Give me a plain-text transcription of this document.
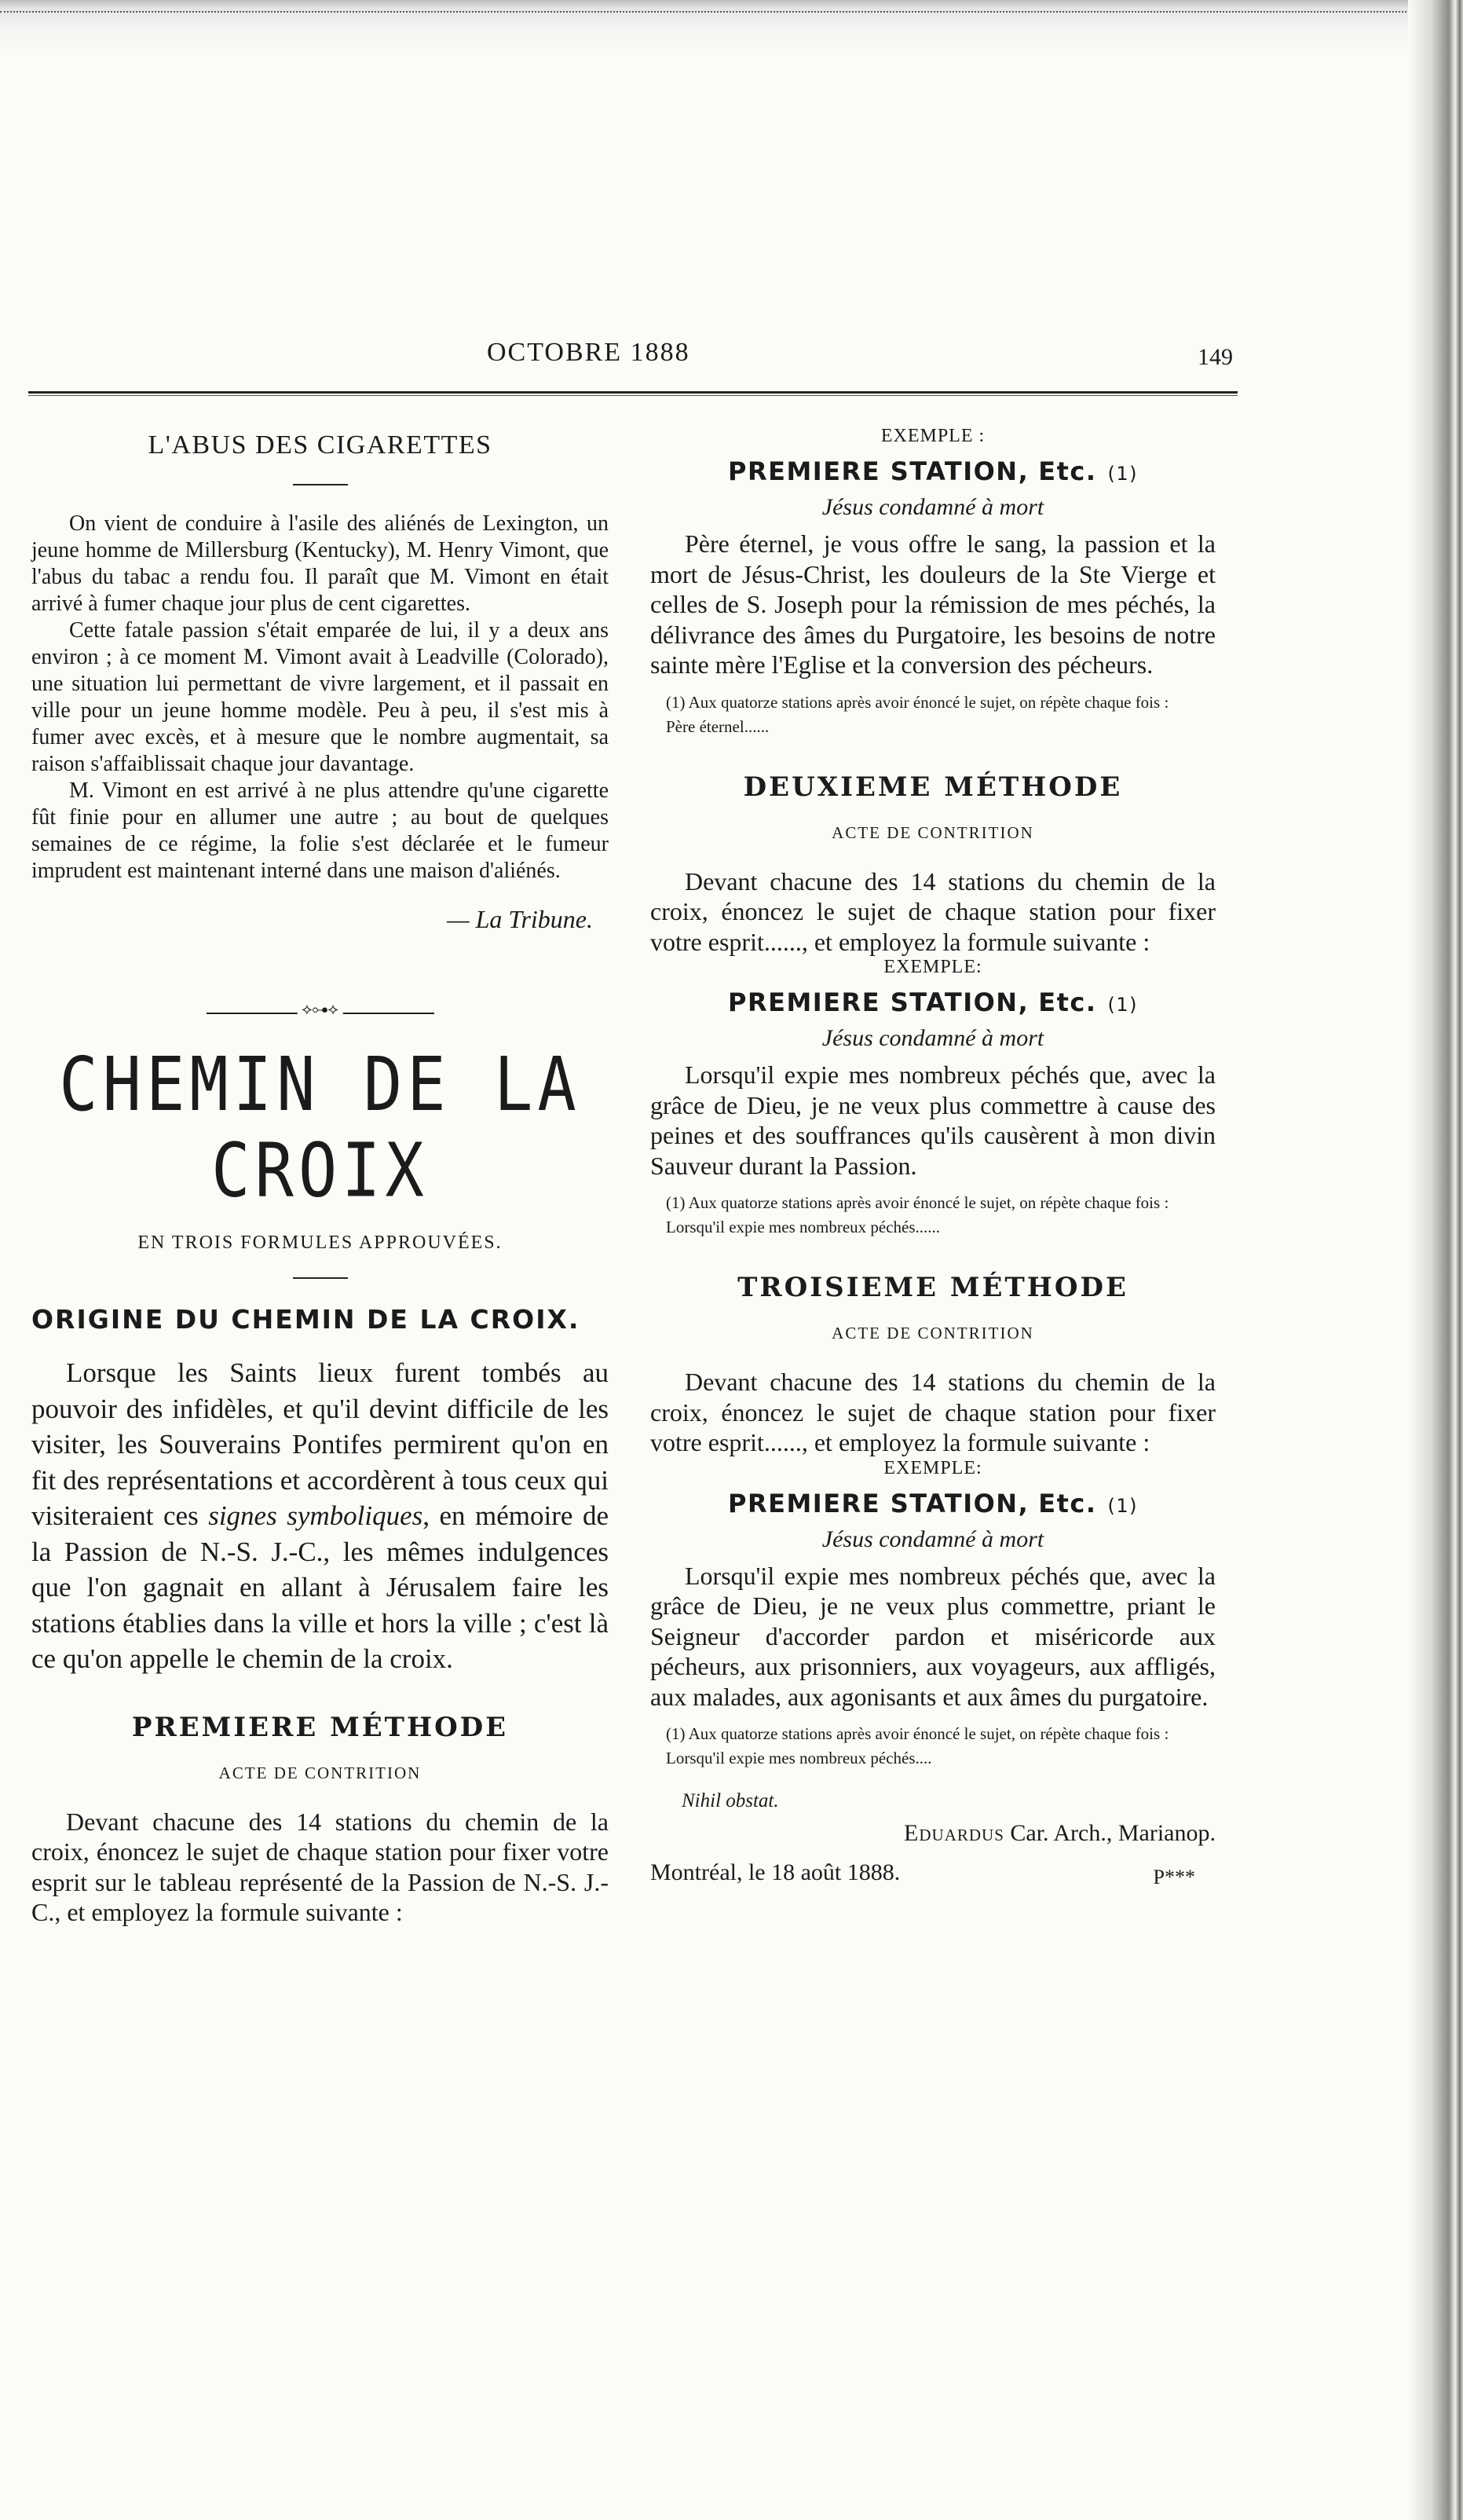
OCTOBRE 1888	149
L'ABUS DES CIGARETTES

On vient de conduire à l'asile des aliénés de Lexington, un jeune homme de Millersburg (Kentucky), M. Henry Vimont, que l'abus du tabac a rendu fou. Il paraît que M. Vimont en était arrivé à fumer chaque jour plus de cent cigarettes.

Cette fatale passion s'était emparée de lui, il y a deux ans environ ; à ce moment M. Vimont avait à Leadville (Colorado), une situation lui permettant de vivre largement, et il passait en ville pour un jeune homme modèle. Peu à peu, il s'est mis à fumer avec excès, et à mesure que le nombre augmentait, sa raison s'affaiblissait chaque jour davantage.

M. Vimont en est arrivé à ne plus attendre qu'une cigarette fût finie pour en allumer une autre ; au bout de quelques semaines de ce régime, la folie s'est déclarée et le fumeur imprudent est maintenant interné dans une maison d'aliénés.

— La Tribune.
⟡⊶⟡
CHEMIN DE LA CROIX
EN TROIS FORMULES APPROUVÉES.
ORIGINE DU CHEMIN DE LA CROIX.

Lorsque les Saints lieux furent tombés au pouvoir des infidèles, et qu'il devint difficile de les visiter, les Souverains Pontifes permirent qu'on en fit des représentations et accordèrent à tous ceux qui visiteraient ces signes symboliques, en mémoire de la Passion de N.-S. J.-C., les mêmes indulgences que l'on gagnait en allant à Jérusalem faire les stations établies dans la ville et hors la ville ; c'est là ce qu'on appelle le chemin de la croix.

PREMIERE MÉTHODE
ACTE DE CONTRITION

Devant chacune des 14 stations du chemin de la croix, énoncez le sujet de chaque station pour fixer votre esprit sur le tableau représenté de la Passion de N.-S. J.-C., et employez la formule suivante :

EXEMPLE :
PREMIERE STATION, Etc. (1)
Jésus condamné à mort

Père éternel, je vous offre le sang, la passion et la mort de Jésus-Christ, les douleurs de la Ste Vierge et celles de S. Joseph pour la rémission de mes péchés, la délivrance des âmes du Purgatoire, les besoins de notre sainte mère l'Eglise et la conversion des pécheurs.

(1) Aux quatorze stations après avoir énoncé le sujet, on répète chaque fois :

Père éternel......

DEUXIEME MÉTHODE
ACTE DE CONTRITION

Devant chacune des 14 stations du chemin de la croix, énoncez le sujet de chaque station pour fixer votre esprit......, et employez la formule suivante :

EXEMPLE:
PREMIERE STATION, Etc. (1)
Jésus condamné à mort

Lorsqu'il expie mes nombreux péchés que, avec la grâce de Dieu, je ne veux plus commettre à cause des peines et des souffrances qu'ils causèrent à mon divin Sauveur durant la Passion.

(1) Aux quatorze stations après avoir énoncé le sujet, on répète chaque fois :

Lorsqu'il expie mes nombreux péchés......

TROISIEME MÉTHODE
ACTE DE CONTRITION

Devant chacune des 14 stations du chemin de la croix, énoncez le sujet de chaque station pour fixer votre esprit......, et employez la formule suivante :

EXEMPLE:
PREMIERE STATION, Etc. (1)
Jésus condamné à mort

Lorsqu'il expie mes nombreux péchés que, avec la grâce de Dieu, je ne veux plus commettre, priant le Seigneur d'accorder pardon et miséricorde aux pécheurs, aux prisonniers, aux voyageurs, aux affligés, aux malades, aux agonisants et aux âmes du purgatoire.

(1) Aux quatorze stations après avoir énoncé le sujet, on répète chaque fois :

Lorsqu'il expie mes nombreux péchés....

Nihil obstat.
Eduardus Car. Arch., Marianop.
Montréal, le 18 août 1888.	P***
